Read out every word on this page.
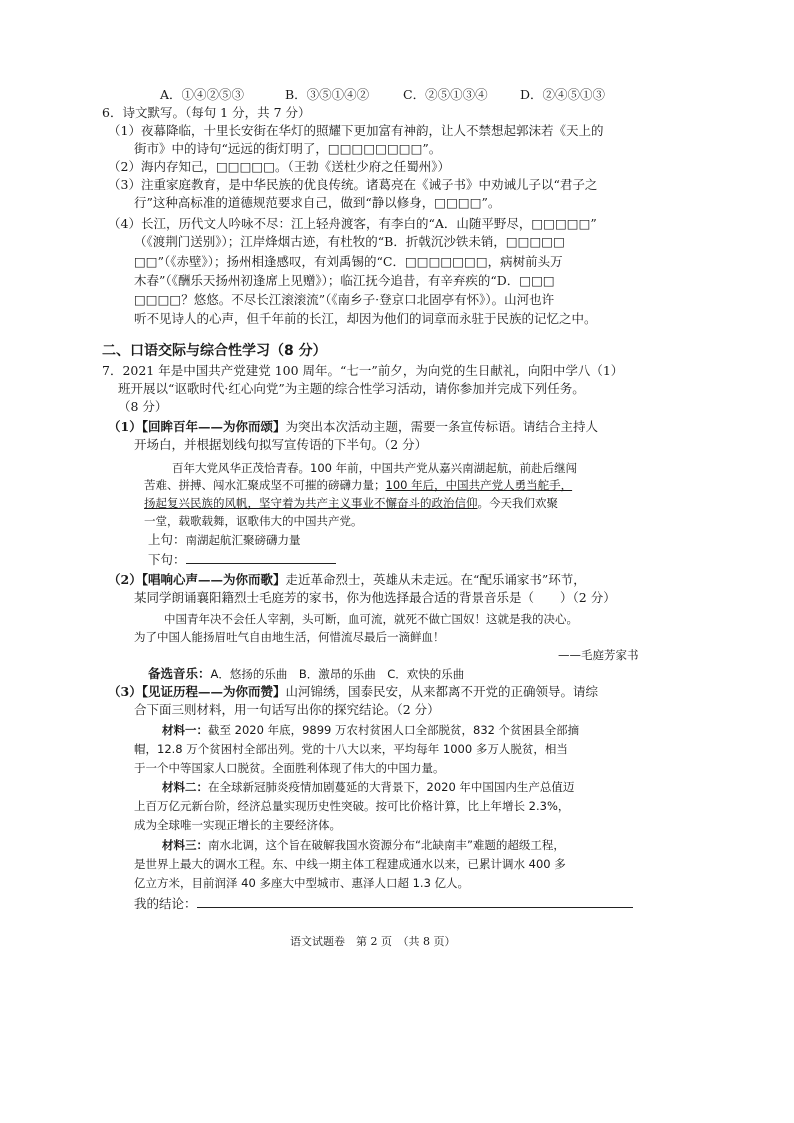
A．①④②⑤③	B．③⑤①④②	C．②⑤①③④	D．②④⑤①③
6．诗文默写。（每句 1 分，共 7 分）
（1）夜幕降临，十里长安街在华灯的照耀下更加富有神韵，让人不禁想起郭沫若《天上的
街市》中的诗句“远远的街灯明了，□□□□□□□□”。
（2）海内存知己，□□□□□。（王勃《送杜少府之任蜀州》）
（3）注重家庭教育，是中华民族的优良传统。诸葛亮在《诫子书》中劝诫儿子以“君子之
行”这种高标准的道德规范要求自己，做到“静以修身，□□□□”。
（4）长江，历代文人吟咏不尽：江上轻舟渡客，有李白的“A．山随平野尽，□□□□□”
（《渡荆门送别》）；江岸烽烟古迹，有杜牧的“B．折戟沉沙铁未销，□□□□□
□□”（《赤壁》）；扬州相逢感叹，有刘禹锡的“C．□□□□□□□，病树前头万
木春”（《酬乐天扬州初逢席上见赠》）；临江抚今追昔，有辛弃疾的“D．□□□
□□□□？悠悠。不尽长江滚滚流”（《南乡子·登京口北固亭有怀》）。山河也许
听不见诗人的心声，但千年前的长江，却因为他们的词章而永驻于民族的记忆之中。
二、口语交际与综合性学习（8 分）
7．2021 年是中国共产党建党 100 周年。“七一”前夕，为向党的生日献礼，向阳中学八（1）
班开展以“讴歌时代·红心向党”为主题的综合性学习活动，请你参加并完成下列任务。
（8 分）
（1）【回眸百年——为你而颂】为突出本次活动主题，需要一条宣传标语。请结合主持人
开场白，并根据划线句拟写宣传语的下半句。（2 分）
百年大党风华正茂恰青春。100 年前，中国共产党从嘉兴南湖起航，前赴后继闯
苦难、拼搏、闯水汇聚成坚不可摧的磅礴力量；100 年后，中国共产党人勇当舵手，
扬起复兴民族的风帆，坚守着为共产主义事业不懈奋斗的政治信仰。今天我们欢聚
一堂，载歌载舞，讴歌伟大的中国共产党。
上句：南湖起航汇聚磅礴力量
下句：
（2）【唱响心声——为你而歌】走近革命烈士，英雄从未走远。在“配乐诵家书”环节，
某同学朗诵襄阳籍烈士毛庭芳的家书，你为他选择最合适的背景音乐是（ ）（2 分）
中国青年决不会任人宰割，头可断，血可流，就死不做亡国奴！这就是我的决心。
为了中国人能扬眉吐气自由地生活，何惜流尽最后一滴鲜血！
——毛庭芳家书
备选音乐：A．悠扬的乐曲　B．激昂的乐曲　C．欢快的乐曲
（3）【见证历程——为你而赞】山河锦绣，国泰民安，从来都离不开党的正确领导。请综
合下面三则材料，用一句话写出你的探究结论。（2 分）
材料一：截至 2020 年底，9899 万农村贫困人口全部脱贫，832 个贫困县全部摘
帽，12.8 万个贫困村全部出列。党的十八大以来，平均每年 1000 多万人脱贫，相当
于一个中等国家人口脱贫。全面胜利体现了伟大的中国力量。
材料二：在全球新冠肺炎疫情加剧蔓延的大背景下，2020 年中国国内生产总值迈
上百万亿元新台阶，经济总量实现历史性突破。按可比价格计算，比上年增长 2.3%，
成为全球唯一实现正增长的主要经济体。
材料三：南水北调，这个旨在破解我国水资源分布“北缺南丰”难题的超级工程，
是世界上最大的调水工程。东、中线一期主体工程建成通水以来，已累计调水 400 多
亿立方米，目前润泽 40 多座大中型城市、惠泽人口超 1.3 亿人。
我的结论：
语文试题卷　第 2 页　（共 8 页）
